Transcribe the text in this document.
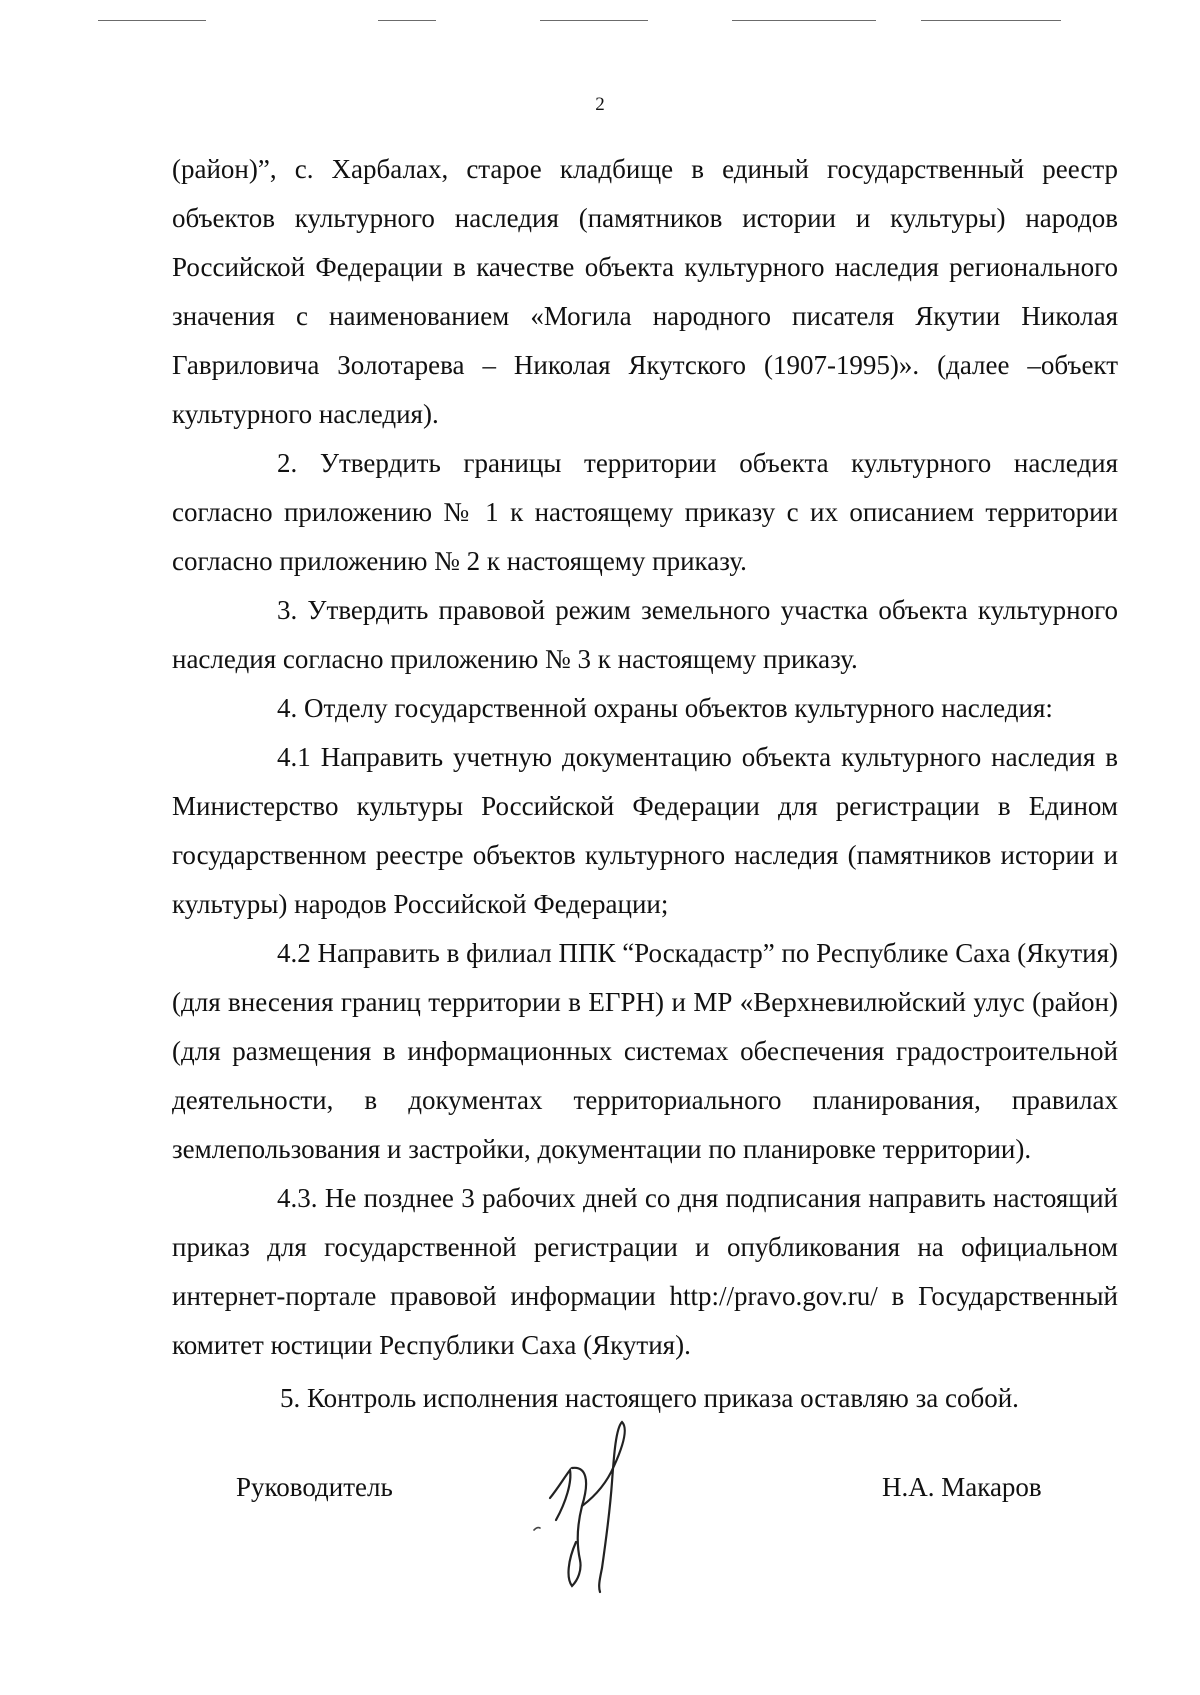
2

(район)”, с. Харбалах, старое кладбище в единый государственный реестр объектов культурного наследия (памятников истории и культуры) народов Российской Федерации в качестве объекта культурного наследия регионального значения с наименованием «Могила народного писателя Якутии Николая Гавриловича Золотарева – Николая Якутского (1907-1995)». (далее –объект культурного наследия).

2. Утвердить границы территории объекта культурного наследия согласно приложению № 1 к настоящему приказу с их описанием территории согласно приложению № 2 к настоящему приказу.

3. Утвердить правовой режим земельного участка объекта культурного наследия согласно приложению № 3 к настоящему приказу.

4. Отделу государственной охраны объектов культурного наследия:

4.1 Направить учетную документацию объекта культурного наследия в Министерство культуры Российской Федерации для регистрации в Едином государственном реестре объектов культурного наследия (памятников истории и культуры) народов Российской Федерации;

4.2 Направить в филиал ППК “Роскадастр” по Республике Саха (Якутия) (для внесения границ территории в ЕГРН) и МР «Верхневилюйский улус (район) (для размещения в информационных системах обеспечения градостроительной деятельности, в документах территориального планирования, правилах землепользования и застройки, документации по планировке территории).

4.3. Не позднее 3 рабочих дней со дня подписания направить настоящий приказ для государственной регистрации и опубликования на официальном интернет-портале правовой информации http://pravo.gov.ru/ в Государственный комитет юстиции Республики Саха (Якутия).

5. Контроль исполнения настоящего приказа оставляю за собой.

Руководитель	Н.А. Макаров
